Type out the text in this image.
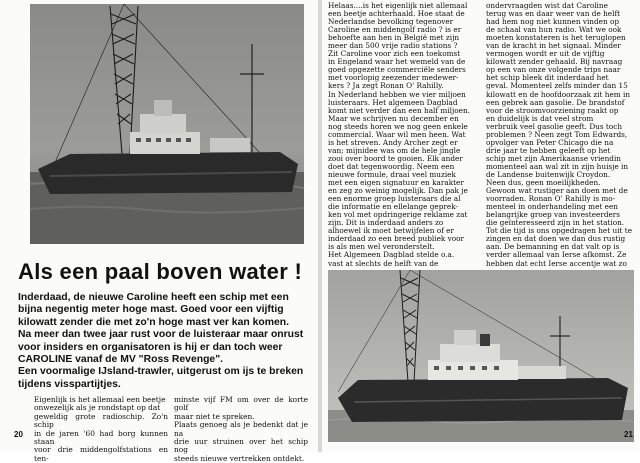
Als een paal boven water !

Inderdaad, de nieuwe Caroline heeft een schip met een

bijna negentig meter hoge mast. Goed voor een vijftig

kilowatt zender die met zo'n hoge mast ver kan komen.

Na meer dan twee jaar rust voor de luisteraar maar onrust

voor insiders en organisatoren is hij er dan toch weer

CAROLINE vanaf de MV "Ross Revenge".

Een voormalige IJsland-trawler, uitgerust om ijs te breken

tijdens visspartijtjes.

Eigenlijk is het allemaal een beetje

onwezelijk als je rondstapt op dat

geweldig grote radioschip. Zo'n schip

in de jaren '60 had borg kunnen staan

voor drie middengolfstations en ten-

minste vijf FM om over de korte golf

maar niet te spreken.

Plaats genoeg als je bedenkt dat je na

drie uur struinen over het schip nog

steeds nieuwe vertrekken ontdekt.

20

Helaas....is het eigenlijk niet allemaal

een beetje achterhaald. Hoe staat de

Nederlandse bevolking tegenover

Caroline en middengolf radio ? is er

behoefte aan hen in België met zijn

meer dan 500 vrije radio stations ?

Zit Caroline voor zich een toekomst

in Engeland waar het wemeld van de

goed opgezette commerciële senders

met voorlopig zeezender medewer-

kers ? Ja zegt Ronan O' Rahilly.

In Nederland hebben we vier miljoen

luisteraars. Het algemeen Dagblad

komt niet verder dan een half miljoen.

Maar we schrijven nu december en

nog steeds horen we nog geen enkele

commercial. Waar wil men heen. Wat

is het streven. Andy Archer zegt er

van; mijnidee was om de hele jingle

zooi over boord te gooien. Elk ander

doet dat tegenwoordig. Neem een

nieuwe formule, draai veel muziek

met een eigen signatuur en karakter

en zeg zo weinig mogelijk. Dan pak je

een enorme groep luisteraars die al

die informatie en ellelange geprek-

ken vol met opdringerige reklame zat

zijn. Dit is inderdaad anders zo

alhoewel ik moet betwijfelen of er

inderdaad zo een breed publiek voor

is als men wel veronderstelt.

Het Algemeen Dagblad stelde o.a.

vast at slechts de helft van de

ondervraagden wist dat Caroline

terug was en daar weer van de helft

had hem nog niet kunnen vinden op

de schaal van hun radio. Wat we ook

moeten konstateren is het teruglopen

van de kracht in het signaal. Minder

vermogen wordt er uit de vijftig

kilowatt zender gehaald. Bij navraag

op een van onze volgende trips naar

het schip bleek dit inderdaad het

geval. Momenteel zelfs minder dan 15

kilowatt en de hoofdoorzaak zit hem in

een gebrek aan gasolie. De brandstof

voor de stroomvoorziening raakt op

en duidelijk is dat veel strom

verbruik veel gasolie geeft. Dus toch

problemen ? Neen zegt Tom Edwards,

opvolger van Peter Chicago die na

drie jaar te hebben geleeft op het

schip met zijn Amerikaanse vriendin

momenteel aan wal zit in zijn huisje in

de Landense buitenwijk Croydon.

Neen dus, geen moeilijkheden.

Gewoon wat rustiger aan doen met de

voorraden. Ronan O' Rahilly is mo-

menteel in onderhandeling met een

belangrijke groep van investeerders

die geïnteresseerd zijn in het station.

Tot die tijd is ons opgedragen het uit te

zingen en dat doen we dan dus rustig

aan. De bemanning en dat valt op is

verder allemaal van Ierse afkomst. Ze

hebben dat echt Ierse accentje wat zo

21
